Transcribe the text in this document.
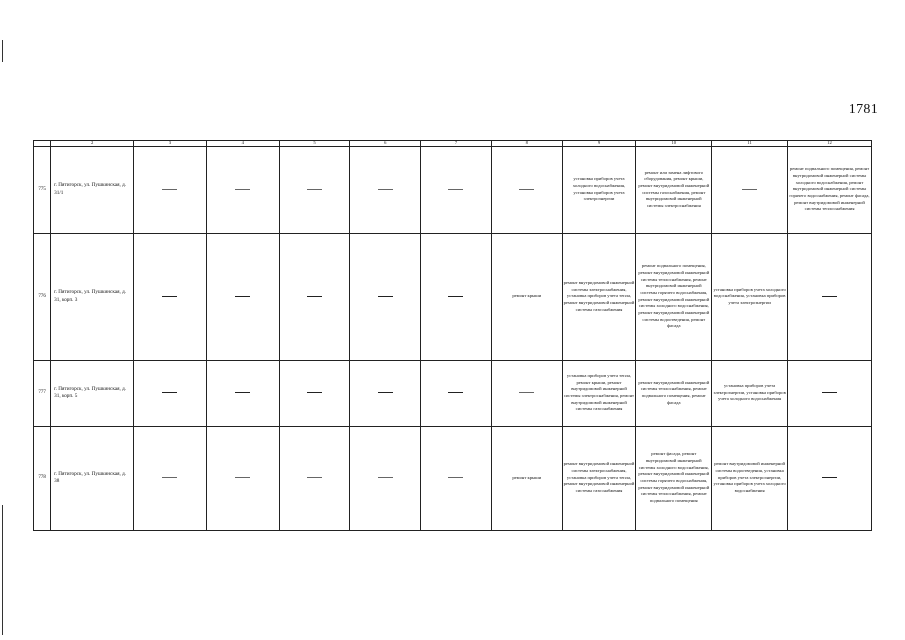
1781
	2	3	4	5	6	7	8	9	10	11	12
775	г. Пятигорск, ул. Пушкинская, д. 31/1							установка приборов учета холодного водоснабжения, установка приборов учета электроэнергии	ремонт или замена лифтового оборудования, ремонт крыши, ремонт внутридомовой инженерной системы газоснабжения, ремонт внутридомовой инженерной системы электроснабжения		ремонт подвального помещения, ремонт внутридомовой инженерной системы холодного водоснабжения, ремонт внутридомовой инженерной системы горячего водоснабжения, ремонт фасада, ремонт внутридомовой инженерной системы теплоснабжения
776	г. Пятигорск, ул. Пушкинская, д. 31, корп. 3						ремонт крыши	ремонт внутридомовой инженерной системы электроснабжения, установка приборов учета тепла, ремонт внутридомовой инженерной системы газоснабжения	ремонт подвального помещения, ремонт внутридомовой инженерной системы теплоснабжения, ремонт внутридомовой инженерной системы горячего водоснабжения, ремонт внутридомовой инженерной системы холодного водоснабжения, ремонт внутридомовой инженерной системы водоотведения, ремонт фасада	установка приборов учета холодного водоснабжения, установка приборов учета электроэнергии	
777	г. Пятигорск, ул. Пушкинская, д. 31, корп. 5							установка приборов учета тепла, ремонт крыши, ремонт внутридомовой инженерной системы электроснабжения, ремонт внутридомовой инженерной системы газоснабжения	ремонт внутридомовой инженерной системы теплоснабжения, ремонт подвального помещения, ремонт фасада	установка приборов учета электроэнергии, установка приборов учета холодного водоснабжения	
778	г. Пятигорск, ул. Пушкинская, д. 38						ремонт крыши	ремонт внутридомовой инженерной системы электроснабжения, установка приборов учета тепла, ремонт внутридомовой инженерной системы газоснабжения	ремонт фасада, ремонт внутридомовой инженерной системы холодного водоснабжения, ремонт внутридомовой инженерной системы горячего водоснабжения, ремонт внутридомовой инженерной системы теплоснабжения, ремонт подвального помещения	ремонт внутридомовой инженерной системы водоотведения, установка приборов учета электроэнергии, установка приборов учета холодного водоснабжения	
